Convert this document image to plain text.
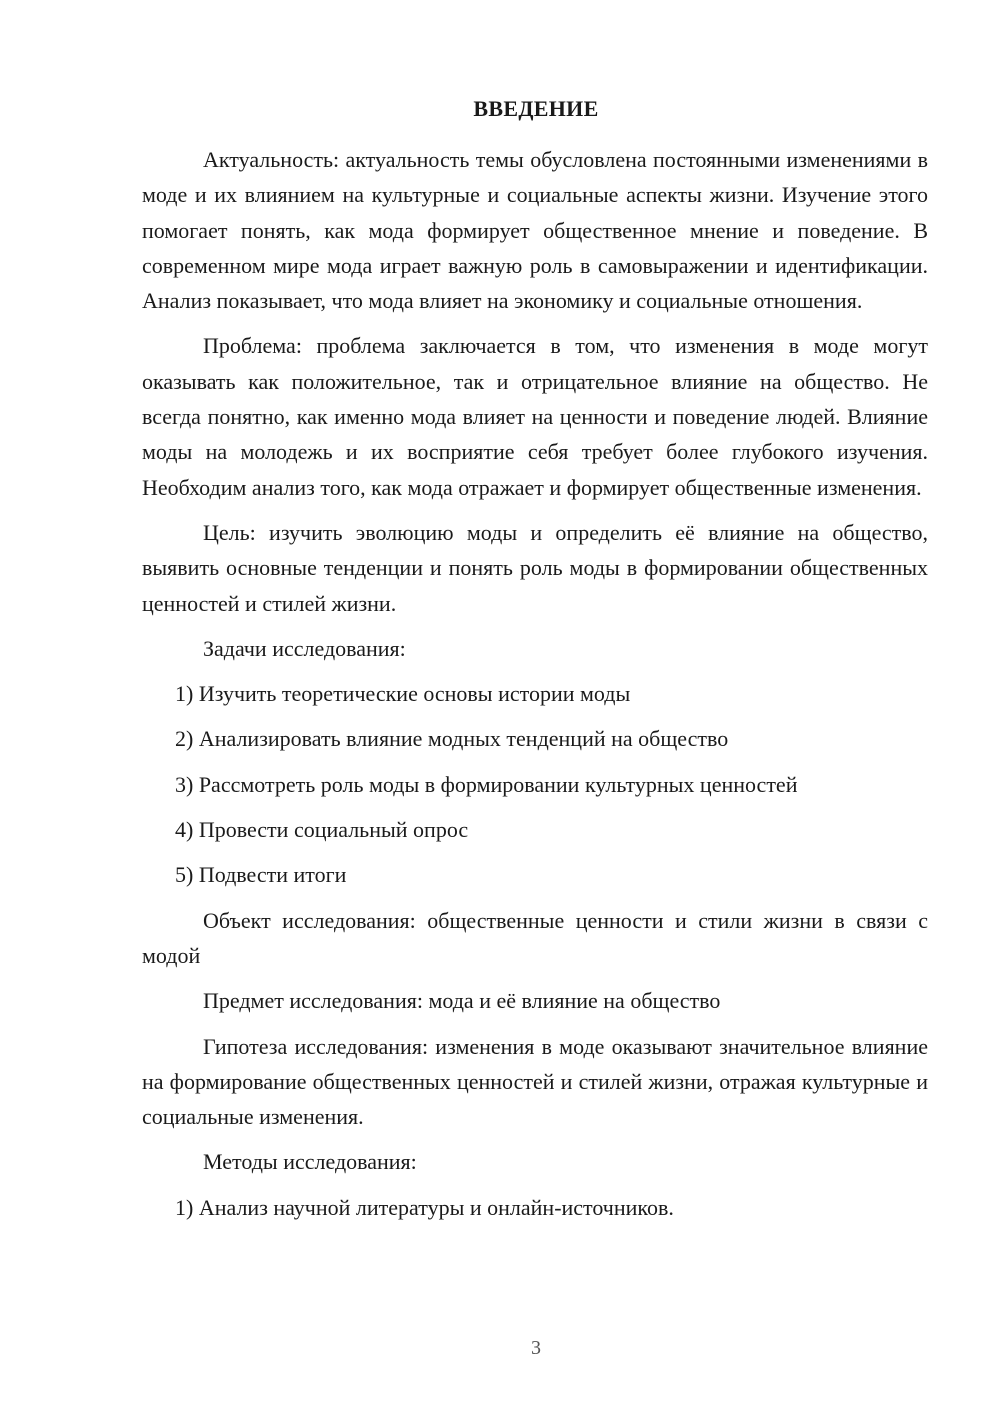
ВВЕДЕНИЕ

Актуальность: актуальность темы обусловлена постоянными изменениями в моде и их влиянием на культурные и социальные аспекты жизни. Изучение этого помогает понять, как мода формирует общественное мнение и поведение. В современном мире мода играет важную роль в самовыражении и идентификации. Анализ показывает, что мода влияет на экономику и социальные отношения.

Проблема: проблема заключается в том, что изменения в моде могут оказывать как положительное, так и отрицательное влияние на общество. Не всегда понятно, как именно мода влияет на ценности и поведение людей. Влияние моды на молодежь и их восприятие себя требует более глубокого изучения. Необходим анализ того, как мода отражает и формирует общественные изменения.

Цель: изучить эволюцию моды и определить её влияние на общество, выявить основные тенденции и понять роль моды в формировании общественных ценностей и стилей жизни.

Задачи исследования:

1) Изучить теоретические основы истории моды

2) Анализировать влияние модных тенденций на общество

3) Рассмотреть роль моды в формировании культурных ценностей

4) Провести социальный опрос

5) Подвести итоги

Объект исследования: общественные ценности и стили жизни в связи с модой

Предмет исследования: мода и её влияние на общество

Гипотеза исследования: изменения в моде оказывают значительное влияние на формирование общественных ценностей и стилей жизни, отражая культурные и социальные изменения.

Методы исследования:

1) Анализ научной литературы и онлайн-источников.

3
